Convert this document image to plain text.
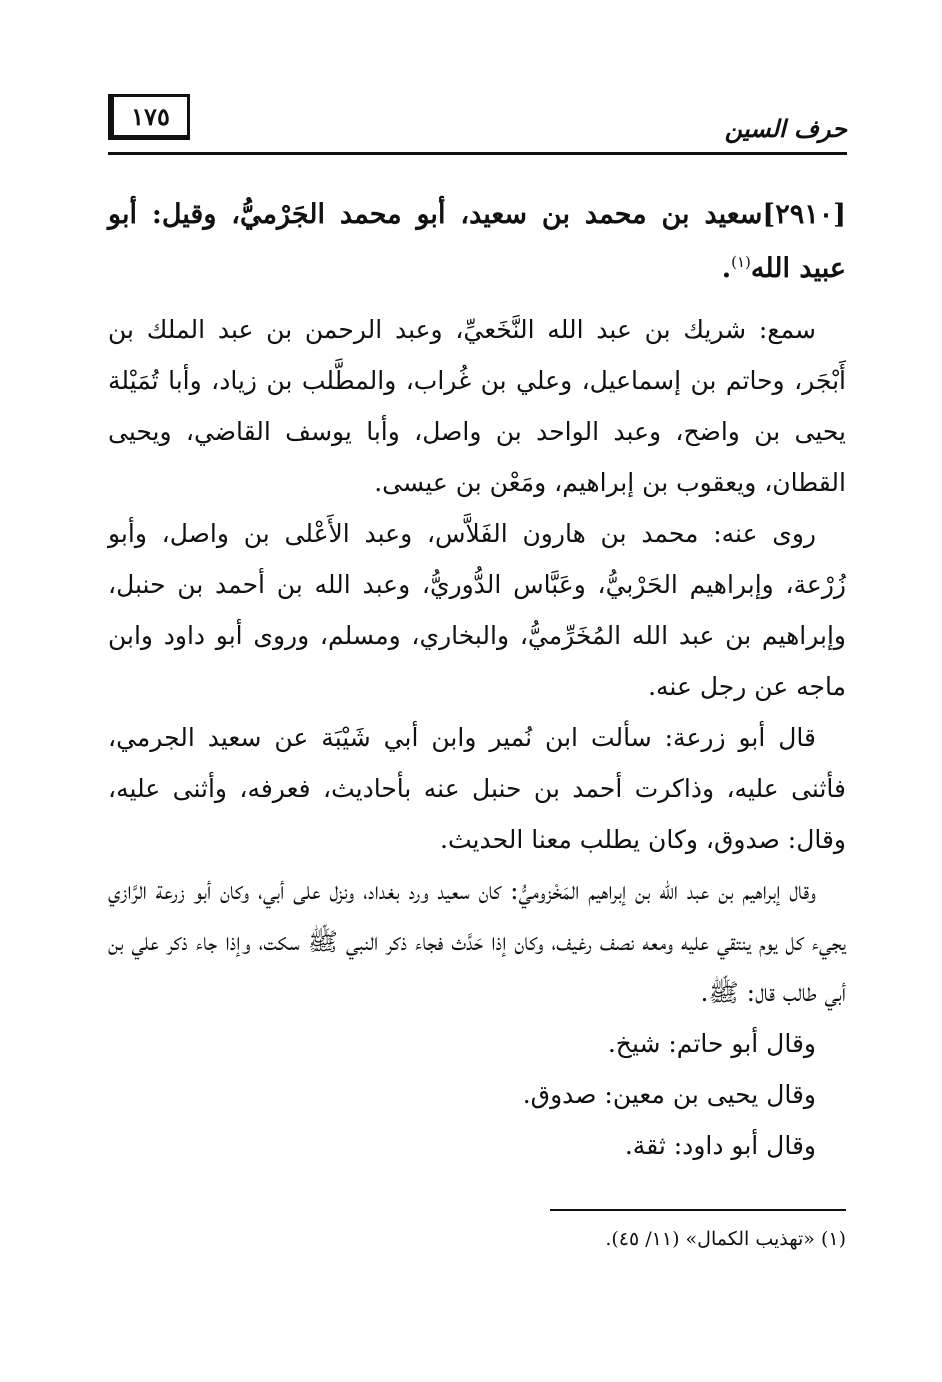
١٧٥	حرف السين

[٢٩١٠]سعيد بن محمد بن سعيد، أبو محمد الجَرْميُّ، وقيل: أبو عبيد الله$^{(١)}$.

سمع: شريك بن عبد الله النَّخَعيِّ، وعبد الرحمن بن عبد الملك بن أَبْجَر، وحاتم بن إسماعيل، وعلي بن غُراب، والمطَّلب بن زياد، وأبا تُمَيْلة يحيى بن واضح، وعبد الواحد بن واصل، وأبا يوسف القاضي، ويحيى القطان، ويعقوب بن إبراهيم، ومَعْن بن عيسى.

روى عنه: محمد بن هارون الفَلاَّس، وعبد الأَعْلى بن واصل، وأبو زُرْعة، وإبراهيم الحَرْبيُّ، وعَبَّاس الدُّوريُّ، وعبد الله بن أحمد بن حنبل، وإبراهيم بن عبد الله المُخَرِّميُّ، والبخاري، ومسلم، وروى أبو داود وابن ماجه عن رجل عنه.

قال أبو زرعة: سألت ابن نُمير وابن أبي شَيْبَة عن سعيد الجرمي، فأثنى عليه، وذاكرت أحمد بن حنبل عنه بأحاديث، فعرفه، وأثنى عليه، وقال: صدوق، وكان يطلب معنا الحديث.

وقال إبراهيم بن عبد الله بن إبراهيم المَخْزوميُّ: كان سعيد ورد بغداد، ونزل على أبي، وكان أبو زرعة الرَّازي يجيء كل يوم ينتقي عليه ومعه نصف رغيف، وكان إذا حَدَّث فجاء ذكر النبي ﷺ سكت، وإذا جاء ذكر علي بن أبي طالب قال: ﷺ.

وقال أبو حاتم: شيخ.

وقال يحيى بن معين: صدوق.

وقال أبو داود: ثقة.

(١) «تهذيب الكمال» (١١/ ٤٥).
